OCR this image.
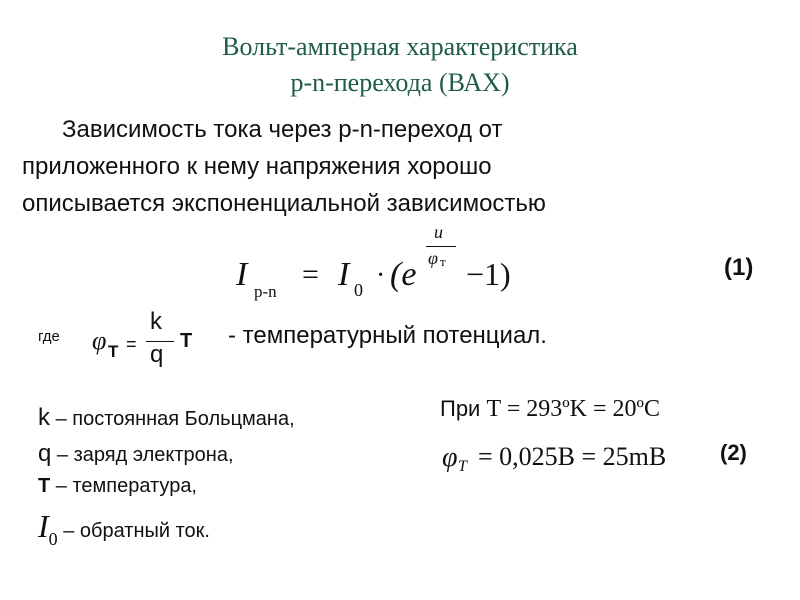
Вольт-амперная характеристика
p-n-перехода (ВАХ)
Зависимость тока через p-n-переход от
приложенного к нему напряжения хорошо
описывается экспоненциальной зависимостью
I p-n
= I 0 · (e
u
φ т −1)	(1)
где φ T =
k
q T - температурный потенциал.
k – постоянная Больцмана,
q – заряд электрона,
T – температура,
I0 – обратный ток.
При T = 293ºK = 20ºC
φ T = 0,025B = 25mB (2)
